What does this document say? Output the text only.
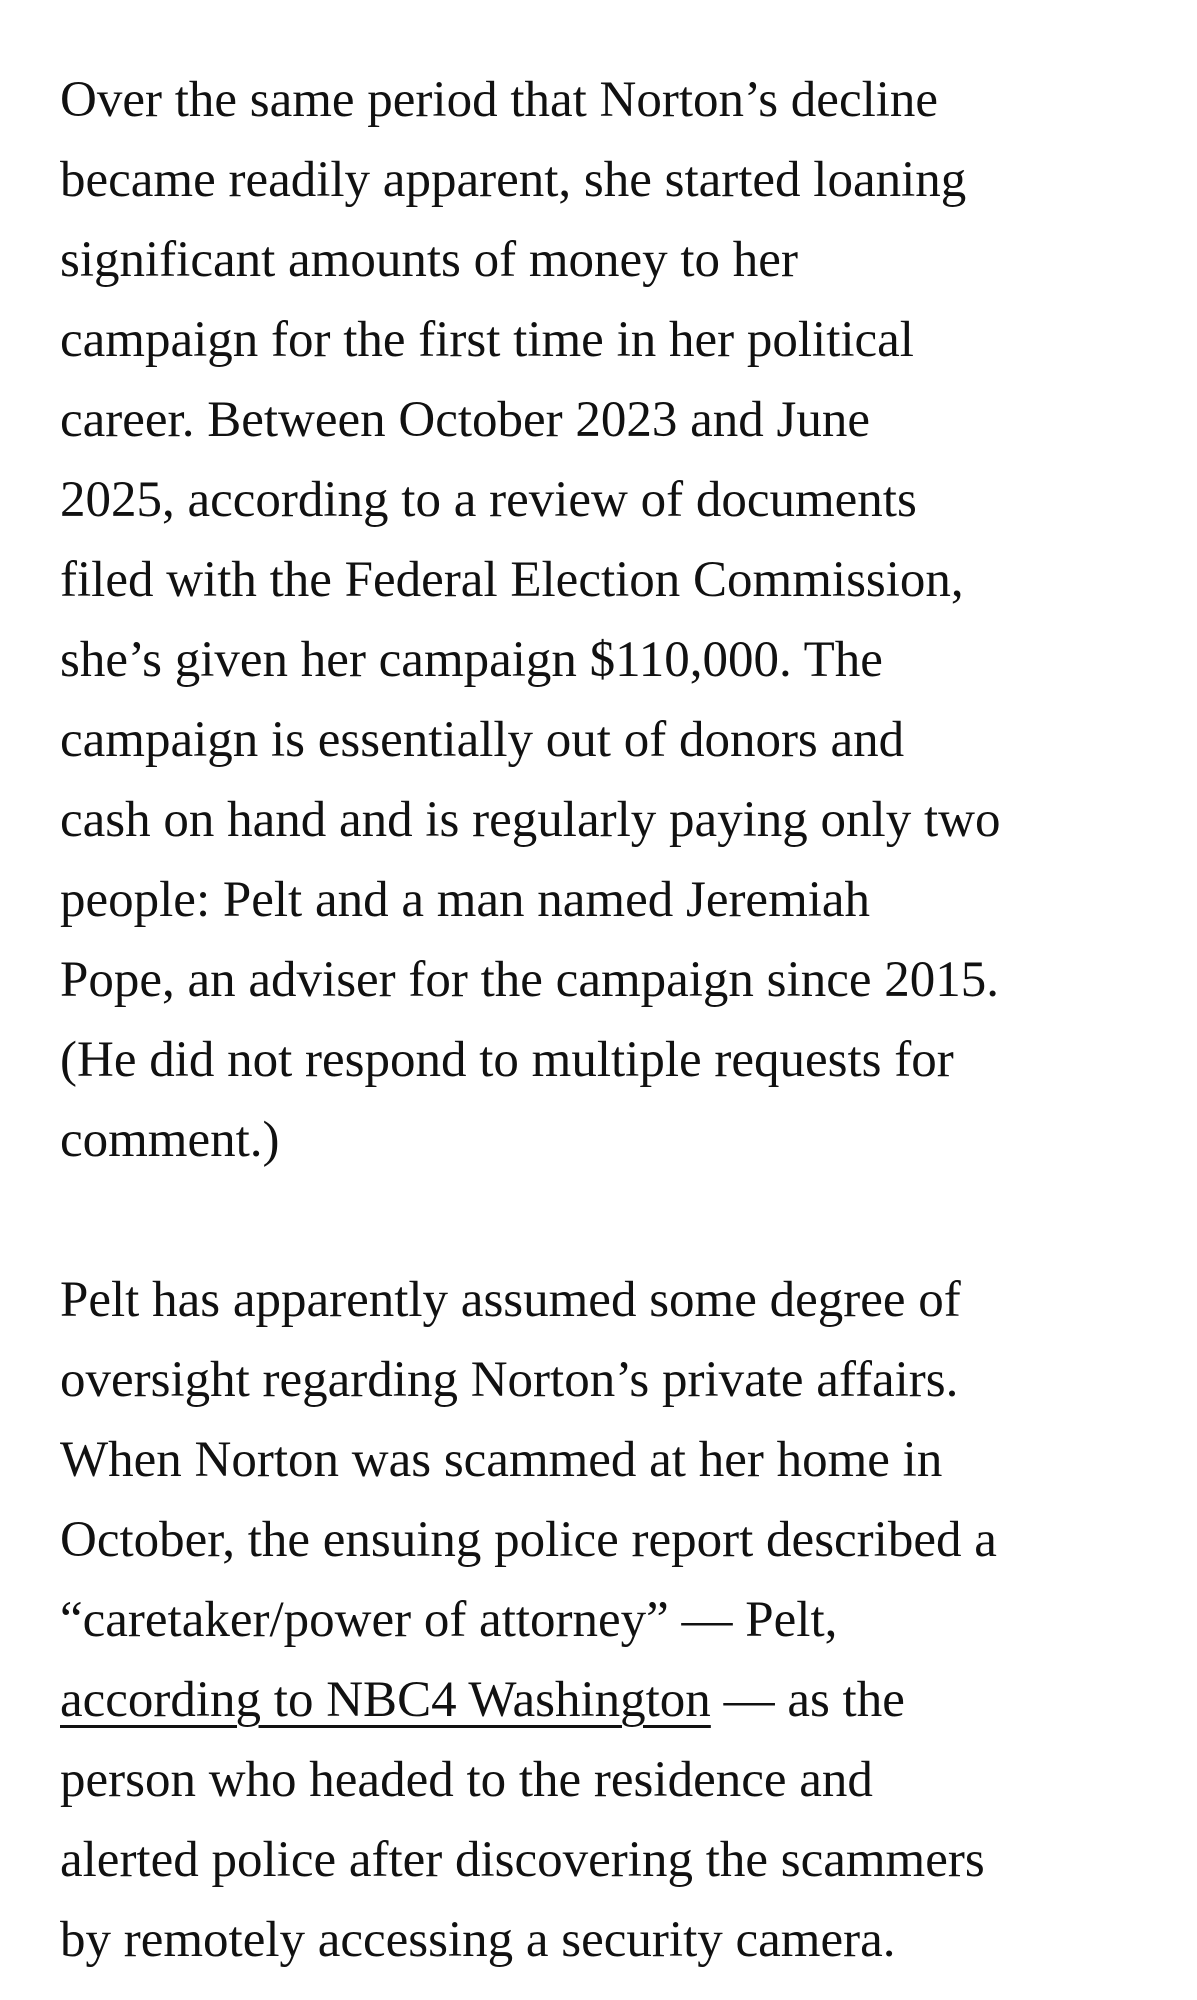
Over the same period that Norton’s decline
became readily apparent, she started loaning
significant amounts of money to her
campaign for the first time in her political
career. Between October 2023 and June
2025, according to a review of documents
filed with the Federal Election Commission,
she’s given her campaign $110,000. The
campaign is essentially out of donors and
cash on hand and is regularly paying only two
people: Pelt and a man named Jeremiah
Pope, an adviser for the campaign since 2015.
(He did not respond to multiple requests for
comment.)

Pelt has apparently assumed some degree of
oversight regarding Norton’s private affairs.
When Norton was scammed at her home in
October, the ensuing police report described a
“caretaker/power of attorney” — Pelt,
according to NBC4 Washington — as the
person who headed to the residence and
alerted police after discovering the scammers
by remotely accessing a security camera.
